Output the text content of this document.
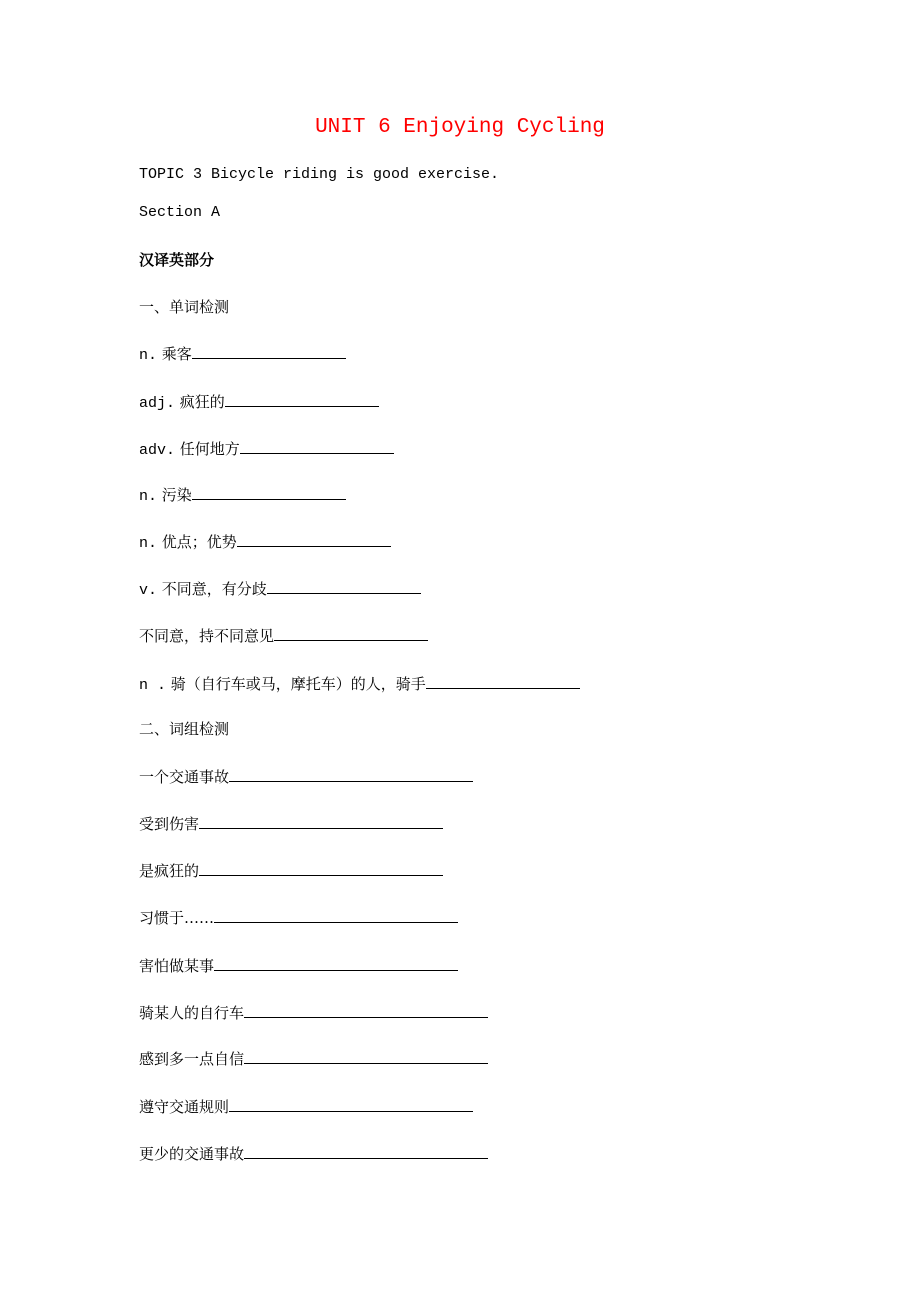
UNIT 6 Enjoying Cycling
TOPIC 3 Bicycle riding is good exercise.
Section A
汉译英部分
一、单词检测
n. 乘客
adj. 疯狂的
adv. 任何地方
n. 污染
n. 优点；优势
v. 不同意，有分歧
不同意，持不同意见
n . 骑（自行车或马，摩托车）的人，骑手
二、词组检测
一个交通事故
受到伤害
是疯狂的
习惯于……
害怕做某事
骑某人的自行车
感到多一点自信
遵守交通规则
更少的交通事故
